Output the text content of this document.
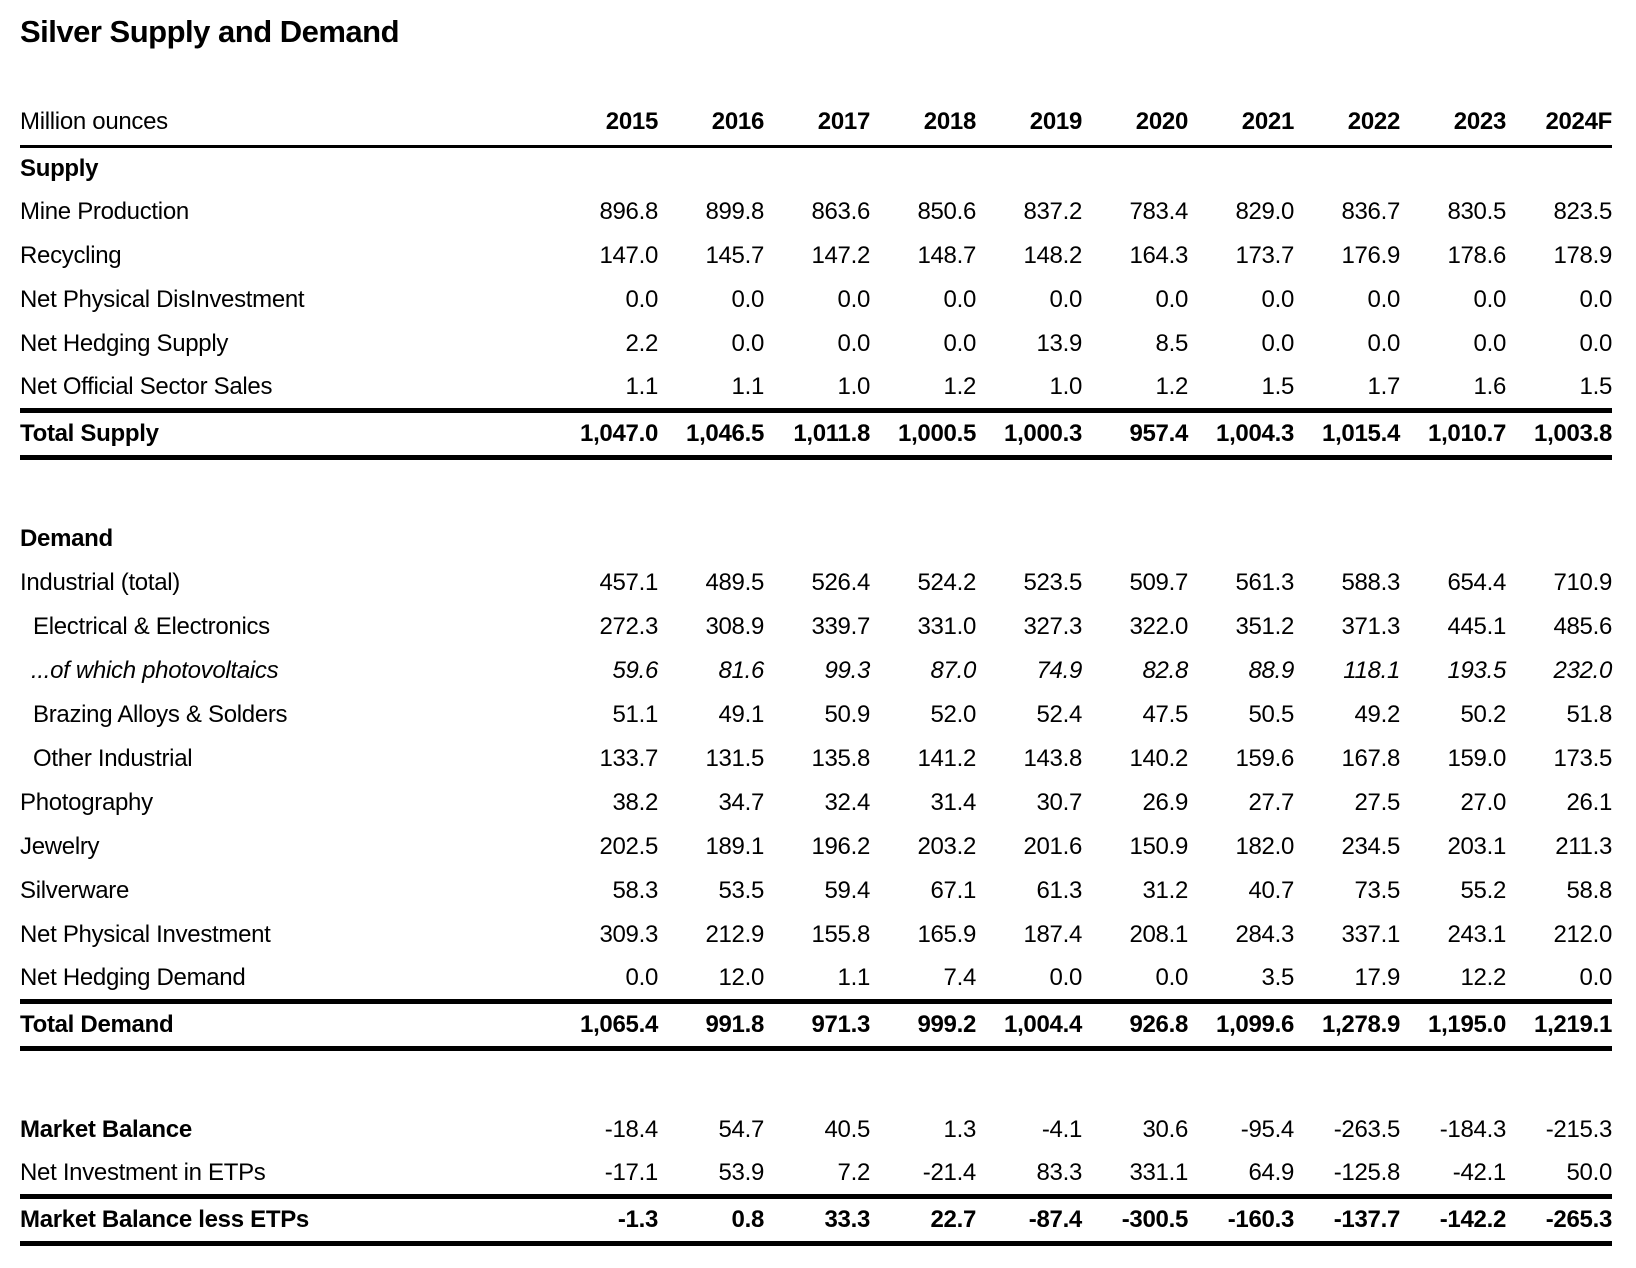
Silver Supply and Demand
Million ounces	2015	2016	2017	2018	2019	2020	2021	2022	2023	2024F
Supply										
Mine Production	896.8	899.8	863.6	850.6	837.2	783.4	829.0	836.7	830.5	823.5
Recycling	147.0	145.7	147.2	148.7	148.2	164.3	173.7	176.9	178.6	178.9
Net Physical DisInvestment	0.0	0.0	0.0	0.0	0.0	0.0	0.0	0.0	0.0	0.0
Net Hedging Supply	2.2	0.0	0.0	0.0	13.9	8.5	0.0	0.0	0.0	0.0
Net Official Sector Sales	1.1	1.1	1.0	1.2	1.0	1.2	1.5	1.7	1.6	1.5
Total Supply	1,047.0	1,046.5	1,011.8	1,000.5	1,000.3	957.4	1,004.3	1,015.4	1,010.7	1,003.8

Demand										
Industrial (total)	457.1	489.5	526.4	524.2	523.5	509.7	561.3	588.3	654.4	710.9
Electrical & Electronics	272.3	308.9	339.7	331.0	327.3	322.0	351.2	371.3	445.1	485.6
...of which photovoltaics	59.6	81.6	99.3	87.0	74.9	82.8	88.9	118.1	193.5	232.0
Brazing Alloys & Solders	51.1	49.1	50.9	52.0	52.4	47.5	50.5	49.2	50.2	51.8
Other Industrial	133.7	131.5	135.8	141.2	143.8	140.2	159.6	167.8	159.0	173.5
Photography	38.2	34.7	32.4	31.4	30.7	26.9	27.7	27.5	27.0	26.1
Jewelry	202.5	189.1	196.2	203.2	201.6	150.9	182.0	234.5	203.1	211.3
Silverware	58.3	53.5	59.4	67.1	61.3	31.2	40.7	73.5	55.2	58.8
Net Physical Investment	309.3	212.9	155.8	165.9	187.4	208.1	284.3	337.1	243.1	212.0
Net Hedging Demand	0.0	12.0	1.1	7.4	0.0	0.0	3.5	17.9	12.2	0.0
Total Demand	1,065.4	991.8	971.3	999.2	1,004.4	926.8	1,099.6	1,278.9	1,195.0	1,219.1

Market Balance	-18.4	54.7	40.5	1.3	-4.1	30.6	-95.4	-263.5	-184.3	-215.3
Net Investment in ETPs	-17.1	53.9	7.2	-21.4	83.3	331.1	64.9	-125.8	-42.1	50.0
Market Balance less ETPs	-1.3	0.8	33.3	22.7	-87.4	-300.5	-160.3	-137.7	-142.2	-265.3
